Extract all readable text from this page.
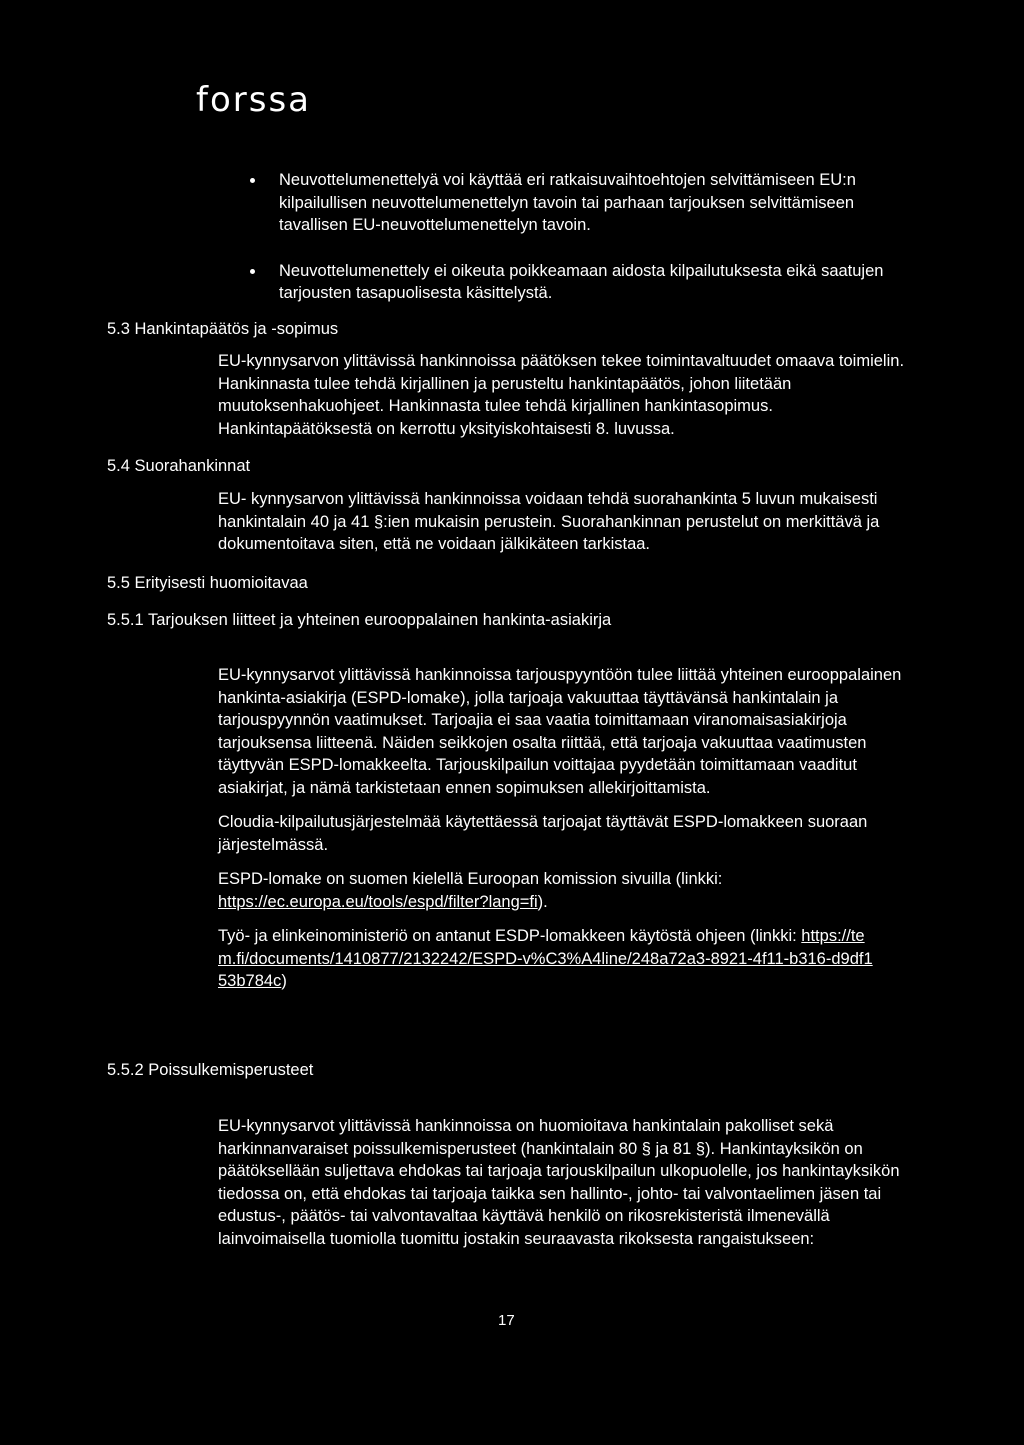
forssa
Neuvottelumenettelyä voi käyttää eri ratkaisuvaihtoehtojen selvittämiseen EU:n kilpailullisen neuvottelumenettelyn tavoin tai parhaan tarjouksen selvittämiseen tavallisen EU-neuvottelumenettelyn tavoin.
Neuvottelumenettely ei oikeuta poikkeamaan aidosta kilpailutuksesta eikä saatujen tarjousten tasapuolisesta käsittelystä.
5.3 Hankintapäätös ja -sopimus

EU-kynnysarvon ylittävissä hankinnoissa päätöksen tekee toimintavaltuudet omaava toimielin. Hankinnasta tulee tehdä kirjallinen ja perusteltu hankintapäätös, johon liitetään muutoksenhakuohjeet. Hankinnasta tulee tehdä kirjallinen hankintasopimus. Hankintapäätöksestä on kerrottu yksityiskohtaisesti 8. luvussa.

5.4 Suorahankinnat

EU- kynnysarvon ylittävissä hankinnoissa voidaan tehdä suorahankinta 5 luvun mukaisesti hankintalain 40 ja 41 §:ien mukaisin perustein. Suorahankinnan perustelut on merkittävä ja dokumentoitava siten, että ne voidaan jälkikäteen tarkistaa.

5.5 Erityisesti huomioitavaa
5.5.1 Tarjouksen liitteet ja yhteinen eurooppalainen hankinta-asiakirja

EU-kynnysarvot ylittävissä hankinnoissa tarjouspyyntöön tulee liittää yhteinen eurooppalainen hankinta-asiakirja (ESPD-lomake), jolla tarjoaja vakuuttaa täyttävänsä hankintalain ja tarjouspyynnön vaatimukset. Tarjoajia ei saa vaatia toimittamaan viranomaisasiakirjoja tarjouksensa liitteenä. Näiden seikkojen osalta riittää, että tarjoaja vakuuttaa vaatimusten täyttyvän ESPD-lomakkeelta. Tarjouskilpailun voittajaa pyydetään toimittamaan vaaditut asiakirjat, ja nämä tarkistetaan ennen sopimuksen allekirjoittamista.

Cloudia-kilpailutusjärjestelmää käytettäessä tarjoajat täyttävät ESPD-lomakkeen suoraan järjestelmässä.

ESPD-lomake on suomen kielellä Euroopan komission sivuilla (linkki: https://ec.europa.eu/tools/espd/filter?lang=fi).

Työ- ja elinkeinoministeriö on antanut ESDP-lomakkeen käytöstä ohjeen (linkki: https://tem.fi/documents/1410877/2132242/ESPD-v%C3%A4line/248a72a3-8921-4f11-b316-d9df153b784c)

5.5.2 Poissulkemisperusteet

EU-kynnysarvot ylittävissä hankinnoissa on huomioitava hankintalain pakolliset sekä harkinnanvaraiset poissulkemisperusteet (hankintalain 80 § ja 81 §). Hankintayksikön on päätöksellään suljettava ehdokas tai tarjoaja tarjouskilpailun ulkopuolelle, jos hankintayksikön tiedossa on, että ehdokas tai tarjoaja taikka sen hallinto-, johto- tai valvontaelimen jäsen tai edustus-, päätös- tai valvontavaltaa käyttävä henkilö on rikosrekisteristä ilmenevällä lainvoimaisella tuomiolla tuomittu jostakin seuraavasta rikoksesta rangaistukseen:

17
